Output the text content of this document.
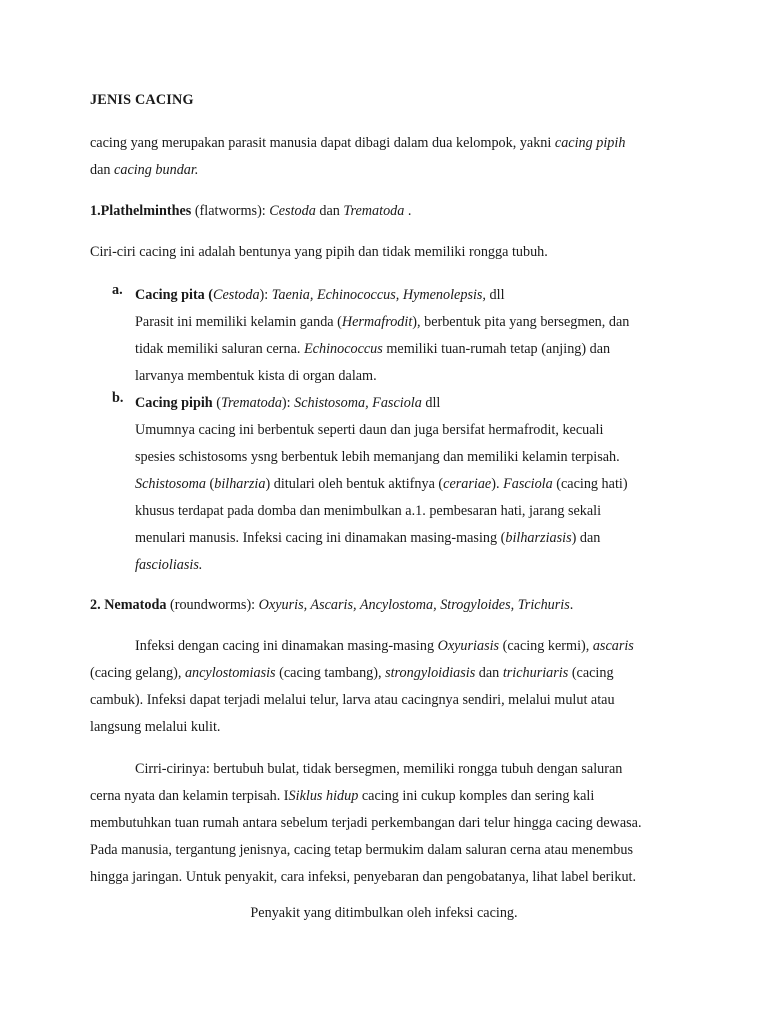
JENIS CACING
cacing yang merupakan parasit manusia dapat dibagi dalam dua kelompok, yakni cacing pipih
dan cacing bundar.
1.Plathelminthes (flatworms): Cestoda dan Trematoda .
Ciri-ciri cacing ini adalah bentunya yang pipih dan tidak memiliki rongga tubuh.
a. Cacing pita (Cestoda): Taenia, Echinococcus, Hymenolepsis, dll
Parasit ini memiliki kelamin ganda (Hermafrodit), berbentuk pita yang bersegmen, dan
tidak memiliki saluran cerna. Echinococcus memiliki tuan-rumah tetap (anjing) dan
larvanya membentuk kista di organ dalam.
b. Cacing pipih (Trematoda): Schistosoma, Fasciola dll
Umumnya cacing ini berbentuk seperti daun dan juga bersifat hermafrodit, kecuali
spesies schistosoms ysng berbentuk lebih memanjang dan memiliki kelamin terpisah.
Schistosoma (bilharzia) ditulari oleh bentuk aktifnya (cerariae). Fasciola (cacing hati)
khusus terdapat pada domba dan menimbulkan a.1. pembesaran hati, jarang sekali
menulari manusis. Infeksi cacing ini dinamakan masing-masing (bilharziasis) dan
fascioliasis.
2. Nematoda (roundworms): Oxyuris, Ascaris, Ancylostoma, Strogyloides, Trichuris.
Infeksi dengan cacing ini dinamakan masing-masing Oxyuriasis (cacing kermi), ascaris
(cacing gelang), ancylostomiasis (cacing tambang), strongyloidiasis dan trichuriaris (cacing
cambuk). Infeksi dapat terjadi melalui telur, larva atau cacingnya sendiri, melalui mulut atau
langsung melalui kulit.
Cirri-cirinya: bertubuh bulat, tidak bersegmen, memiliki rongga tubuh dengan saluran
cerna nyata dan kelamin terpisah. ISiklus hidup cacing ini cukup komples dan sering kali
membutuhkan tuan rumah antara sebelum terjadi perkembangan dari telur hingga cacing dewasa.
Pada manusia, tergantung jenisnya, cacing tetap bermukim dalam saluran cerna atau menembus
hingga jaringan. Untuk penyakit, cara infeksi, penyebaran dan pengobatanya, lihat label berikut.
Penyakit yang ditimbulkan oleh infeksi cacing.
